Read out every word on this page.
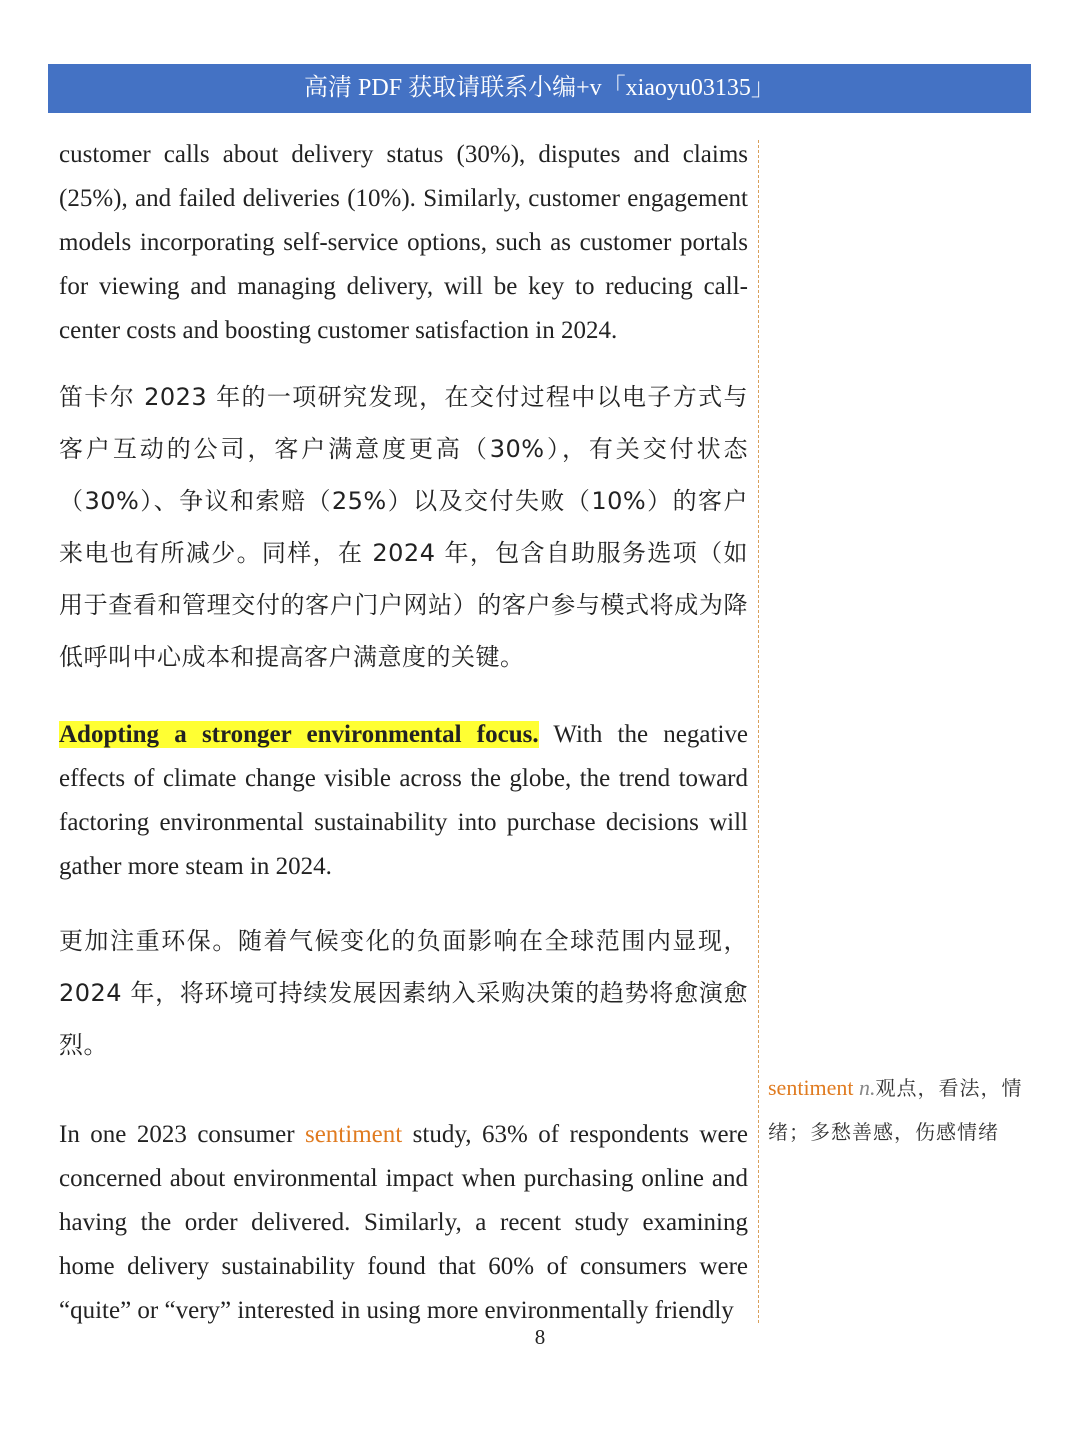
高清 PDF 获取请联系小编+v「xiaoyu03135」

customer calls about delivery status (30%), disputes and claims (25%), and failed deliveries (10%). Similarly, customer engagement models incorporating self-service options, such as customer portals for viewing and managing delivery, will be key to reducing call-center costs and boosting customer satisfaction in 2024.

笛卡尔 2023 年的一项研究发现，在交付过程中以电子方式与客户互动的公司，客户满意度更高（30%），有关交付状态（30%）、争议和索赔（25%）以及交付失败（10%）的客户来电也有所减少。同样，在 2024 年，包含自助服务选项（如用于查看和管理交付的客户门户网站）的客户参与模式将成为降低呼叫中心成本和提高客户满意度的关键。

Adopting a stronger environmental focus. With the negative effects of climate change visible across the globe, the trend toward factoring environmental sustainability into purchase decisions will gather more steam in 2024.

更加注重环保。随着气候变化的负面影响在全球范围内显现，2024 年，将环境可持续发展因素纳入采购决策的趋势将愈演愈烈。

In one 2023 consumer sentiment study, 63% of respondents were concerned about environmental impact when purchasing online and having the order delivered. Similarly, a recent study examining home delivery sustainability found that 60% of consumers were “quite” or “very” interested in using more environmentally friendly

sentiment n.观点，看法，情绪；多愁善感，伤感情绪
8
